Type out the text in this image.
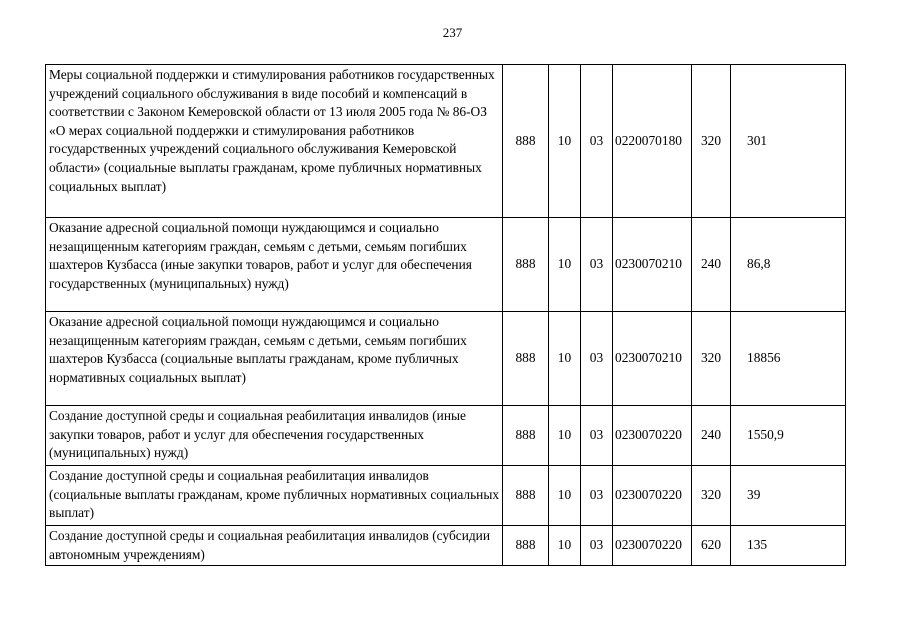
237
Меры социальной поддержки и стимулирования работников государственных учреждений социального обслуживания в виде пособий и компенсаций в соответствии с Законом Кемеровской области от 13 июля 2005 года № 86-ОЗ «О мерах социальной поддержки и стимулирования работников государственных учреждений социального обслуживания Кемеровской области» (социальные выплаты гражданам, кроме публичных нормативных социальных выплат)	888	10	03	0220070180	320	301
Оказание адресной социальной помощи нуждающимся и социально незащищенным категориям граждан, семьям с детьми, семьям погибших шахтеров Кузбасса (иные закупки товаров, работ и услуг для обеспечения государственных (муниципальных) нужд)	888	10	03	0230070210	240	86,8
Оказание адресной социальной помощи нуждающимся и социально незащищенным категориям граждан, семьям с детьми, семьям погибших шахтеров Кузбасса (социальные выплаты гражданам, кроме публичных нормативных социальных выплат)	888	10	03	0230070210	320	18856
Создание доступной среды и социальная реабилитация инвалидов (иные закупки товаров, работ и услуг для обеспечения государственных (муниципальных) нужд)	888	10	03	0230070220	240	1550,9
Создание доступной среды и социальная реабилитация инвалидов (социальные выплаты гражданам, кроме публичных нормативных социальных выплат)	888	10	03	0230070220	320	39
Создание доступной среды и социальная реабилитация инвалидов (субсидии автономным учреждениям)	888	10	03	0230070220	620	135
